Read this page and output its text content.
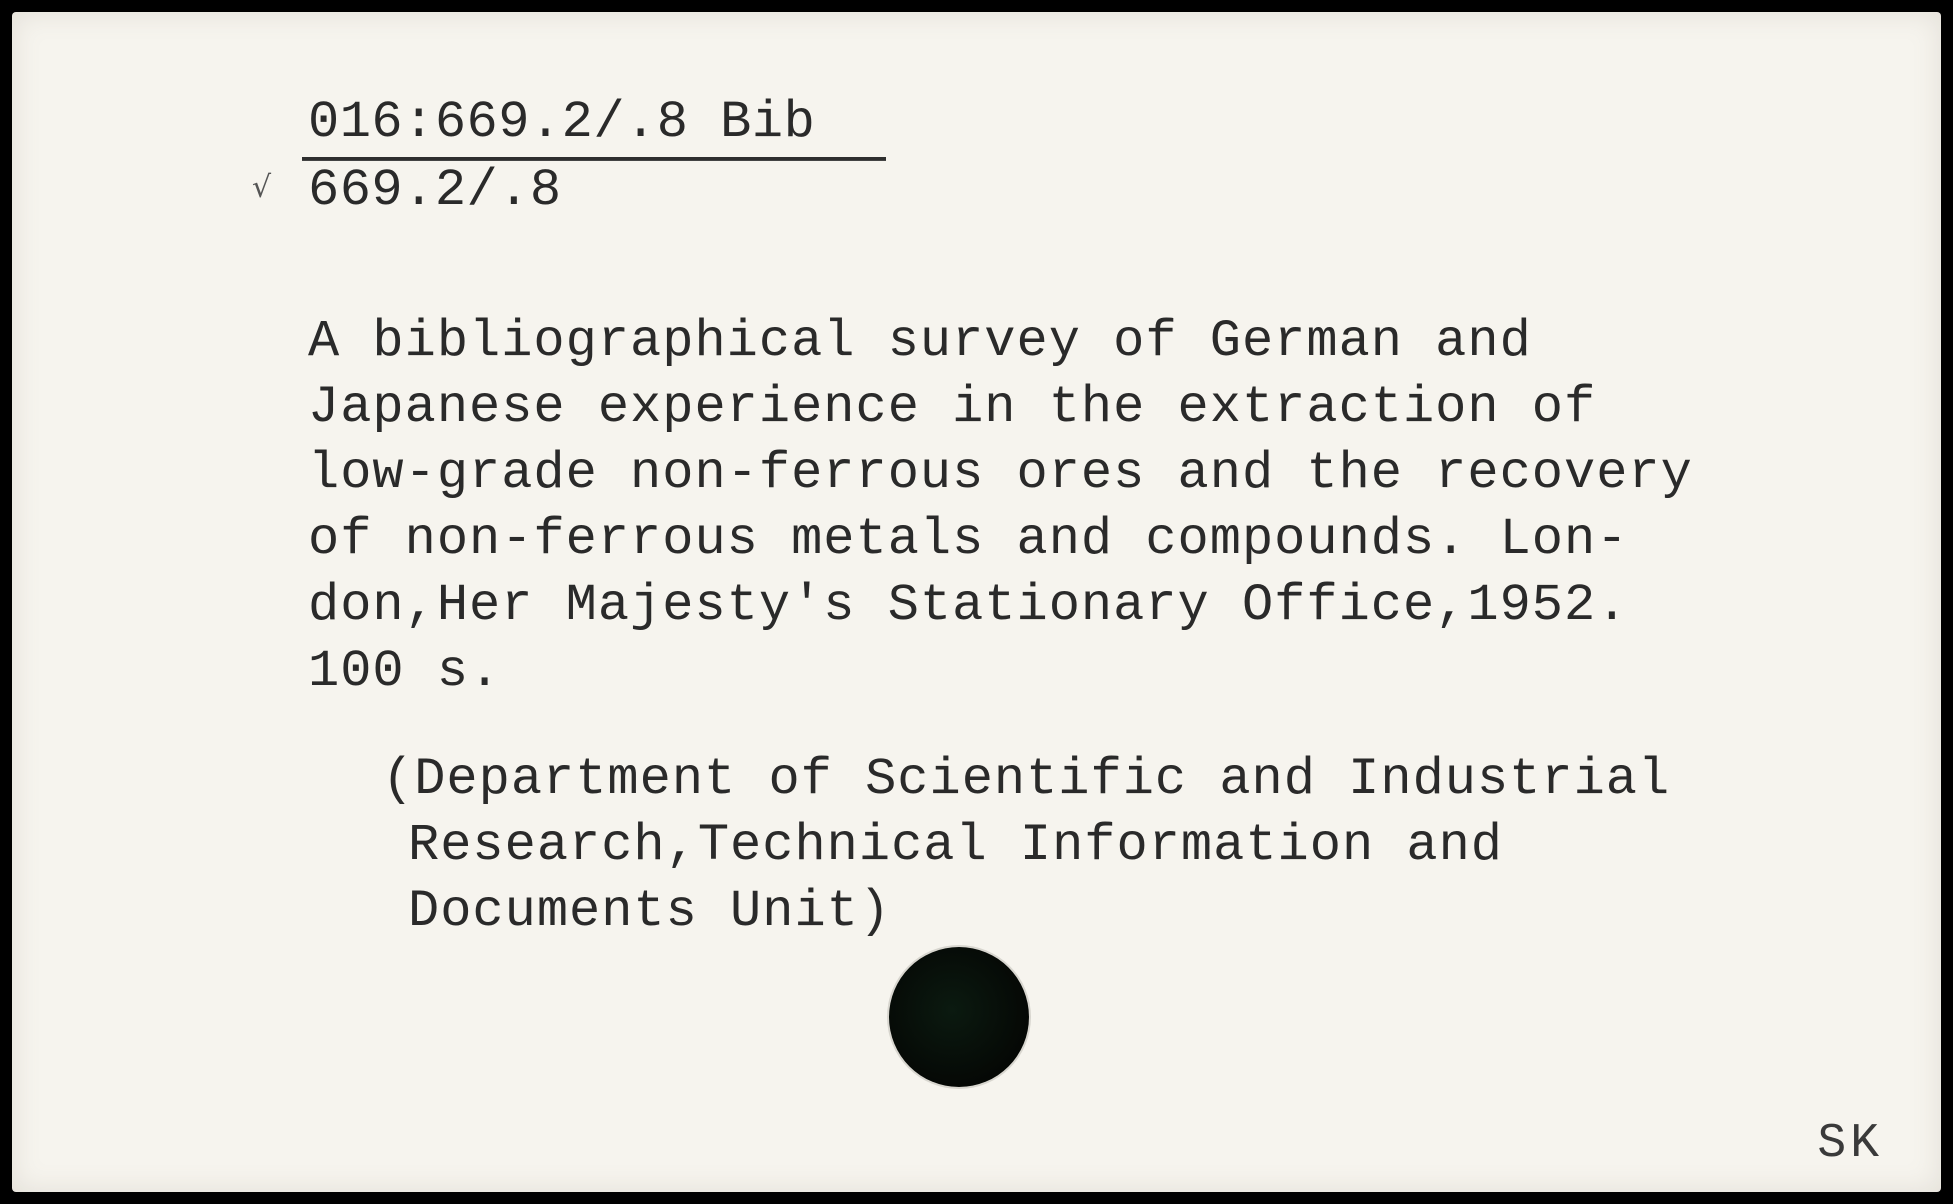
√
016:669.2/.8 Bib
669.2/.8
A bibliographical survey of German and
Japanese experience in the extraction of
low-grade non-ferrous ores and the recovery
of non-ferrous metals and compounds. Lon-
don,Her Majesty's Stationary Office,1952.
100 s.
(Department of Scientific and Industrial
Research,Technical Information and
Documents Unit)
SK
